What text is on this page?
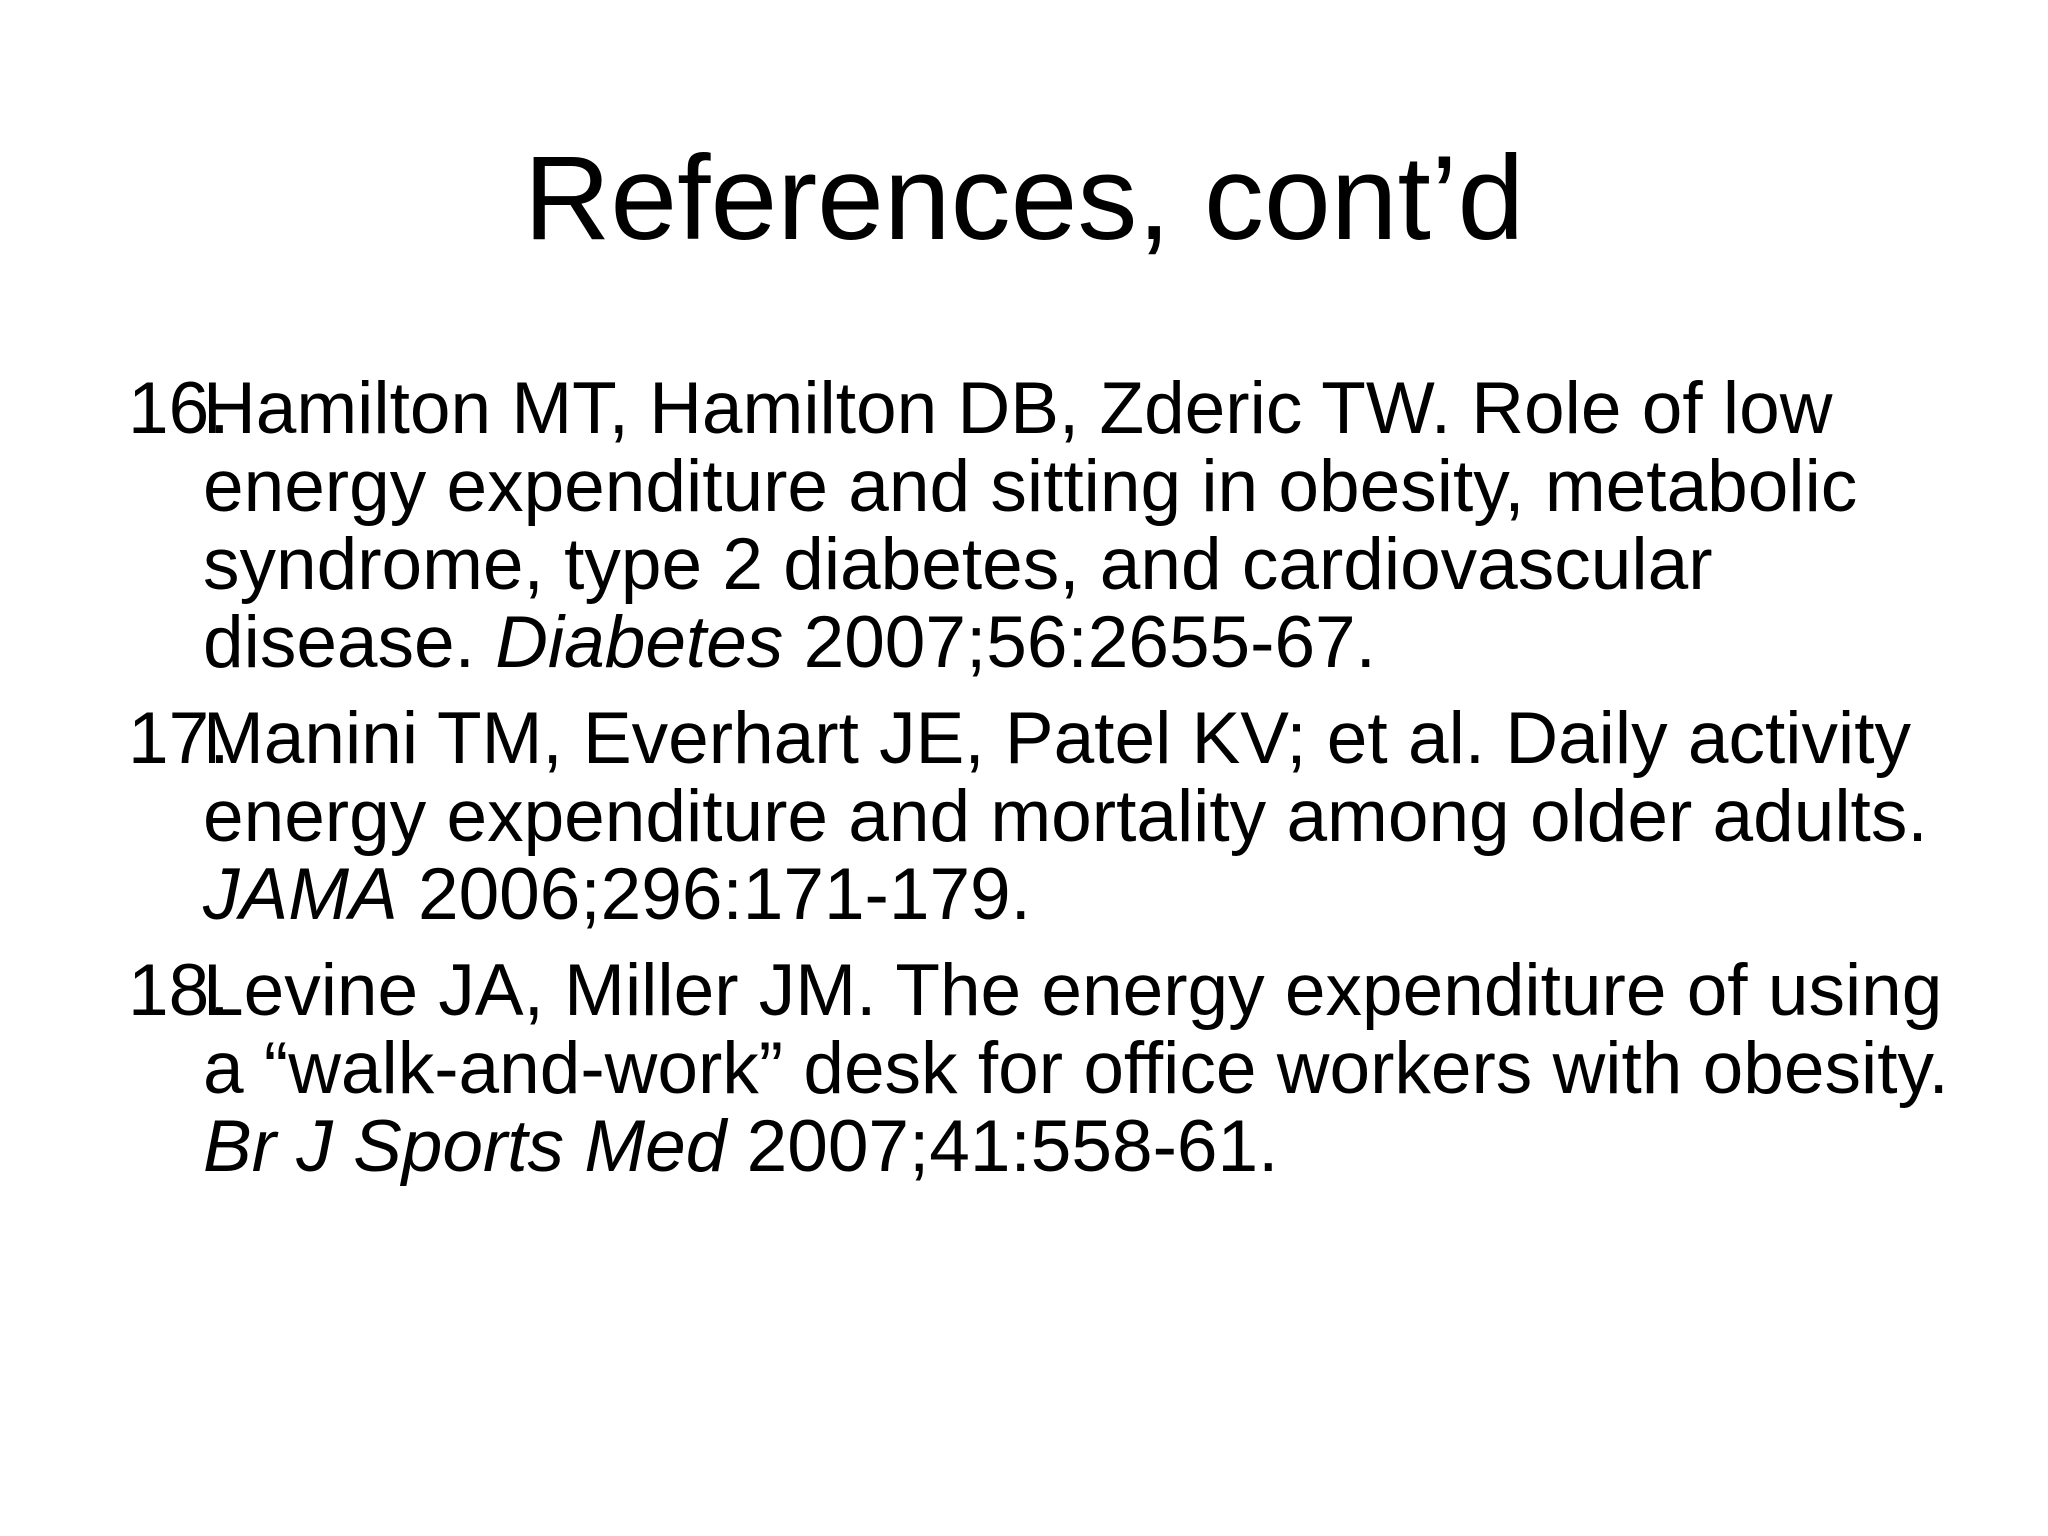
References, cont’d
16.
Hamilton MT, Hamilton DB, Zderic TW. Role of low energy expenditure and sitting in obesity, metabolic syndrome, type 2 diabetes, and cardiovascular disease. Diabetes 2007;56:2655-67.
17.
Manini TM, Everhart JE, Patel KV; et al. Daily activity energy expenditure and mortality among older adults. JAMA 2006;296:171-179.
18.
Levine JA, Miller JM. The energy expenditure of using a “walk-and-work” desk for office workers with obesity. Br J Sports Med 2007;41:558-61.
